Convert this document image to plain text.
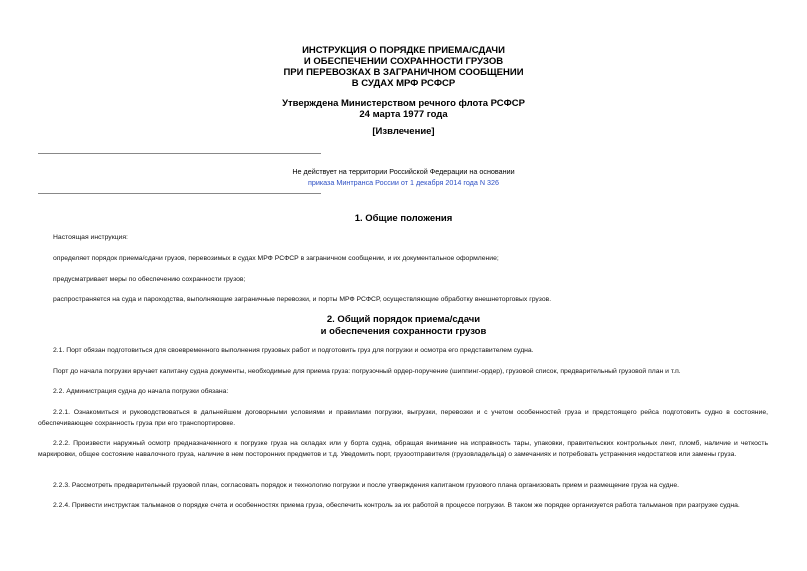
ИНСТРУКЦИЯ О ПОРЯДКЕ ПРИЕМА/СДАЧИ
И ОБЕСПЕЧЕНИИ СОХРАННОСТИ ГРУЗОВ
ПРИ ПЕРЕВОЗКАХ В ЗАГРАНИЧНОМ СООБЩЕНИИ
В СУДАХ МРФ РСФСР
Утверждена Министерством речного флота РСФСР
24 марта 1977 года
[Извлечение]
Не действует на территории Российской Федерации на основании
приказа Минтранса России от 1 декабря 2014 года N 326
1. Общие положения
Настоящая инструкция:
определяет порядок приема/сдачи грузов, перевозимых в судах МРФ РСФСР в заграничном сообщении, и их документальное оформление;
предусматривает меры по обеспечению сохранности грузов;
распространяется на суда и пароходства, выполняющие заграничные перевозки, и порты МРФ РСФСР, осуществляющие обработку внешнеторговых грузов.
2. Общий порядок приема/сдачи
и обеспечения сохранности грузов
2.1. Порт обязан подготовиться для своевременного выполнения грузовых работ и подготовить груз для погрузки и осмотра его представителем судна.
Порт до начала погрузки вручает капитану судна документы, необходимые для приема груза: погрузочный ордер-поручение (шиппинг-ордер), грузовой список, предварительный грузовой план и т.п.
2.2. Администрация судна до начала погрузки обязана:
2.2.1. Ознакомиться и руководствоваться в дальнейшем договорными условиями и правилами погрузки, выгрузки, перевозки и с учетом особенностей груза и предстоящего рейса подготовить судно в состояние, обеспечивающее сохранность груза при его транспортировке.
2.2.2. Произвести наружный осмотр предназначенного к погрузке груза на складах или у борта судна, обращая внимание на исправность тары, упаковки, правительских контрольных лент, пломб, наличие и четкость маркировки, общее состояние навалочного груза, наличие в нем посторонних предметов и т.д. Уведомить порт, грузоотправителя (грузовладельца) о замечаниях и потребовать устранения недостатков или замены груза.
2.2.3. Рассмотреть предварительный грузовой план, согласовать порядок и технологию погрузки и после утверждения капитаном грузового плана организовать прием и размещение груза на судне.
2.2.4. Привести инструктаж тальманов о порядке счета и особенностях приема груза, обеспечить контроль за их работой в процессе погрузки. В таком же порядке организуется работа тальманов при разгрузке судна.
